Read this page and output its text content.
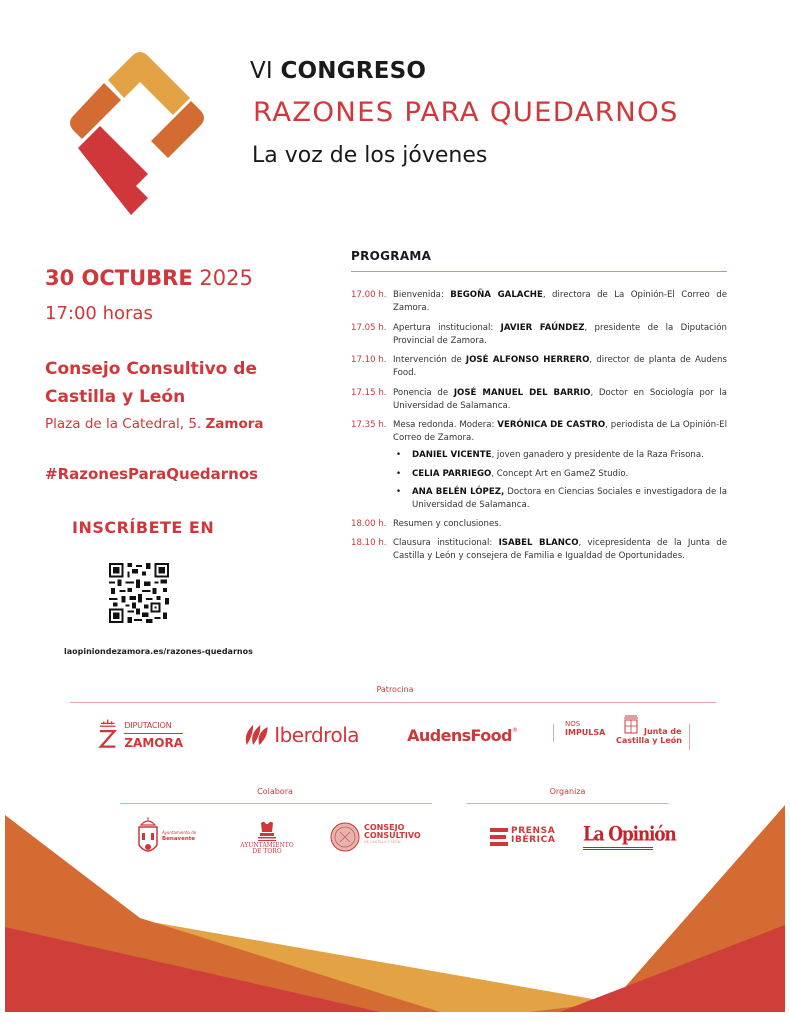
VI CONGRESO
RAZONES PARA QUEDARNOS
La voz de los jóvenes
30 OCTUBRE 2025
17:00 horas
Consejo Consultivo de
Castilla y León
Plaza de la Catedral, 5. Zamora
#RazonesParaQuedarnos
INSCRÍBETE EN
laopiniondezamora.es/razones-quedarnos
PROGRAMA
17.00 h. Bienvenida: BEGOÑA GALACHE, directora de La Opinión-El Correo de Zamora.
17.05 h. Apertura institucional: JAVIER FAÚNDEZ, presidente de la Diputación Provincial de Zamora.
17.10 h. Intervención de JOSÉ ALFONSO HERRERO, director de planta de Audens Food.
17.15 h. Ponencia de JOSÉ MANUEL DEL BARRIO, Doctor en Sociología por la Universidad de Salamanca.
17.35 h. Mesa redonda. Modera: VERÓNICA DE CASTRO, periodista de La Opinión-El Correo de Zamora.
•	DANIEL VICENTE, joven ganadero y presidente de la Raza Frisona.
•	CELIA PARRIEGO, Concept Art en GameZ Studio.
•	ANA BELÉN LÓPEZ, Doctora en Ciencias Sociales e investigadora de la Universidad de Salamanca.
18.00 h. Resumen y conclusiones.
18.10 h. Clausura institucional: ISABEL BLANCO, vicepresidenta de la Junta de Castilla y León y consejera de Familia e Igualdad de Oportunidades.
Patrocina
DIPUTACION
ZAMORA	Iberdrola	AudensFood ®
NOS
IMPULSA	Junta de
Castilla y León
Colabora
Ayuntamiento de
Benavente
AYUNTAMIENTO
DE TORO
CONSEJO
CONSULTIVO
DE CASTILLA Y LEÓN
Organiza
PRENSA
IBÉRICA La Opinión
